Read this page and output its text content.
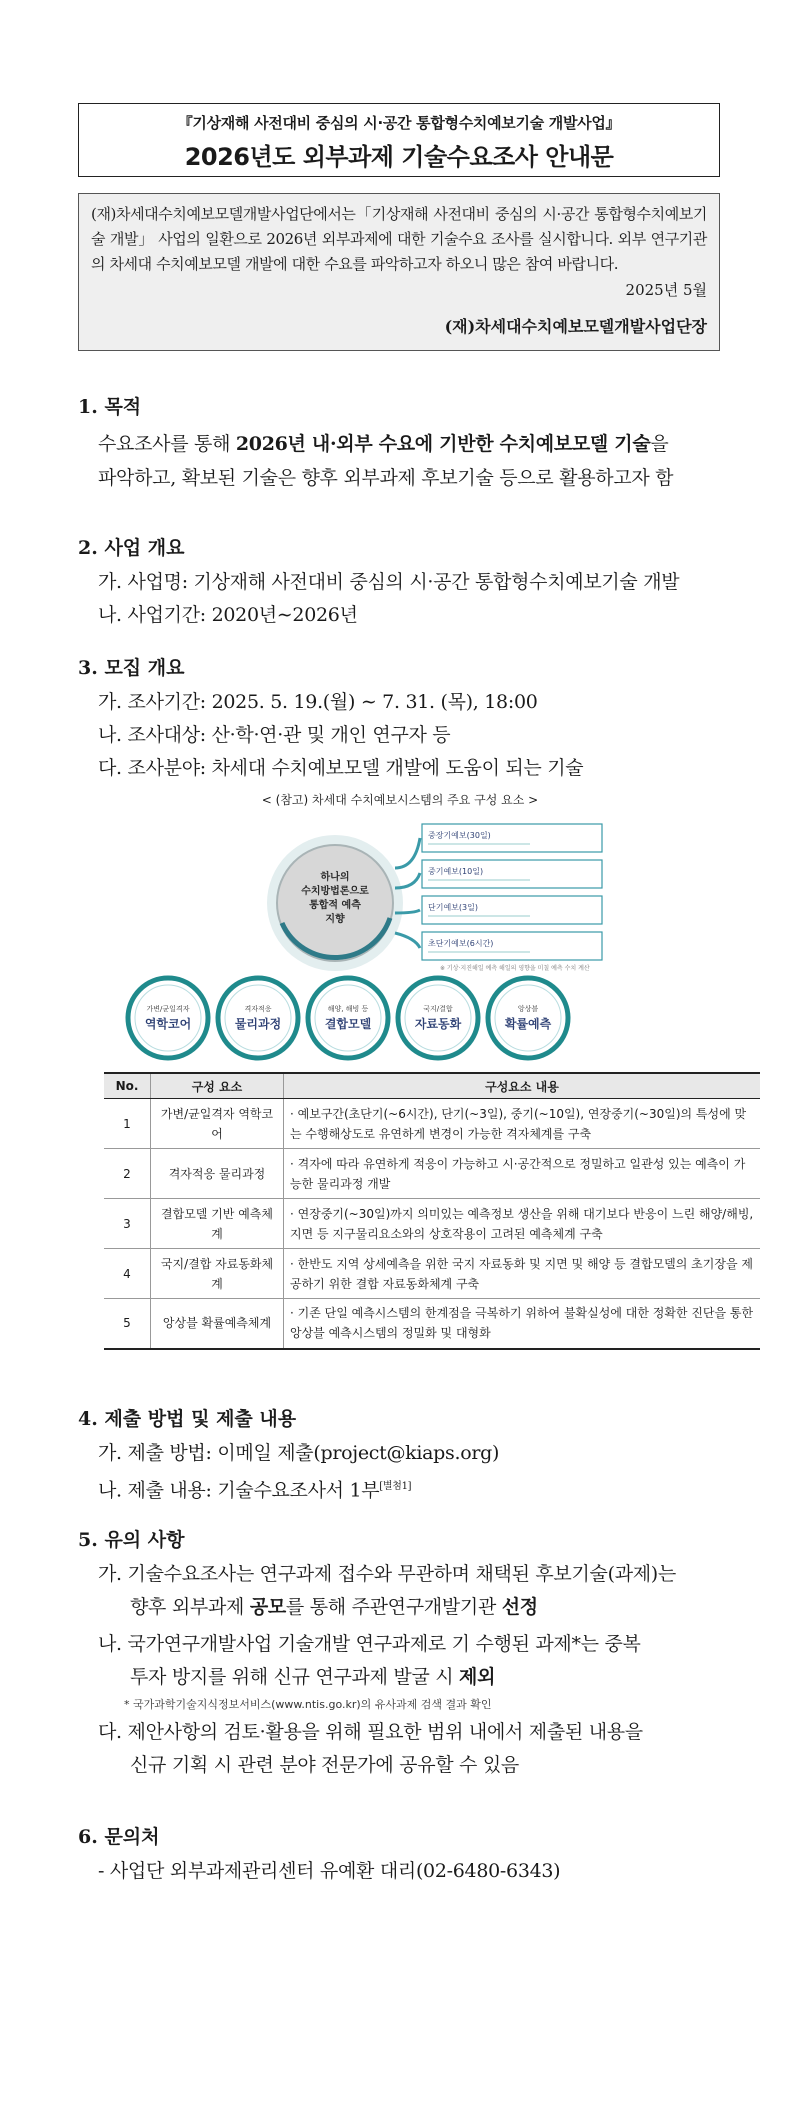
『기상재해 사전대비 중심의 시·공간 통합형수치예보기술 개발사업』
2026년도 외부과제 기술수요조사 안내문
(재)차세대수치예보모델개발사업단에서는「기상재해 사전대비 중심의 시·공간 통합형수치예보기술 개발」 사업의 일환으로 2026년 외부과제에 대한 기술수요 조사를 실시합니다. 외부 연구기관의 차세대 수치예보모델 개발에 대한 수요를 파악하고자 하오니 많은 참여 바랍니다.
2025년 5월
(재)차세대수치예보모델개발사업단장
1. 목적
수요조사를 통해 2026년 내·외부 수요에 기반한 수치예보모델 기술을
파악하고, 확보된 기술은 향후 외부과제 후보기술 등으로 활용하고자 함
2. 사업 개요
가. 사업명: 기상재해 사전대비 중심의 시·공간 통합형수치예보기술 개발
나. 사업기간: 2020년∼2026년
3. 모집 개요
가. 조사기간: 2025. 5. 19.(월) ∼ 7. 31. (목), 18:00
나. 조사대상: 산·학·연·관 및 개인 연구자 등
다. 조사분야: 차세대 수치예보모델 개발에 도움이 되는 기술
< (참고) 차세대 수치예보시스템의 주요 구성 요소 >
하나의
수치방법론으로
통합적 예측
지향
중장기예보(30일)
중기예보(10일)
단기예보(3일)
초단기예보(6시간)
※ 기상·지진해일 예측 해일의 영향을 미칠 예측 수치 계산
가변/균일격자
역학코어
격자적응
물리과정
해양, 해빙 등
결합모델
국지/결합
자료동화
앙상블
확률예측
No.	구성 요소	구성요소 내용
1	가변/균일격자 역학코어	· 예보구간(초단기(~6시간), 단기(~3일), 중기(~10일), 연장중기(~30일)의 특성에 맞는 수행해상도로 유연하게 변경이 가능한 격자체계를 구축
2	격자적응 물리과정	· 격자에 따라 유연하게 적응이 가능하고 시·공간적으로 정밀하고 일관성 있는 예측이 가능한 물리과정 개발
3	결합모델 기반 예측체계	· 연장중기(~30일)까지 의미있는 예측정보 생산을 위해 대기보다 반응이 느린 해양/해빙, 지면 등 지구물리요소와의 상호작용이 고려된 예측체계 구축
4	국지/결합 자료동화체계	· 한반도 지역 상세예측을 위한 국지 자료동화 및 지면 및 해양 등 결합모델의 초기장을 제공하기 위한 결합 자료동화체계 구축
5	앙상블 확률예측체계	· 기존 단일 예측시스템의 한계점을 극복하기 위하여 불확실성에 대한 정확한 진단을 통한 앙상블 예측시스템의 정밀화 및 대형화
4. 제출 방법 및 제출 내용
가. 제출 방법: 이메일 제출(project@kiaps.org)
나. 제출 내용: 기술수요조사서 1부[별첨1]
5. 유의 사항
가. 기술수요조사는 연구과제 접수와 무관하며 채택된 후보기술(과제)는
향후 외부과제 공모를 통해 주관연구개발기관 선정
나. 국가연구개발사업 기술개발 연구과제로 기 수행된 과제*는 중복
투자 방지를 위해 신규 연구과제 발굴 시 제외
* 국가과학기술지식정보서비스(www.ntis.go.kr)의 유사과제 검색 결과 확인
다. 제안사항의 검토·활용을 위해 필요한 범위 내에서 제출된 내용을
신규 기획 시 관련 분야 전문가에 공유할 수 있음
6. 문의처
- 사업단 외부과제관리센터 유예환 대리(02-6480-6343)
